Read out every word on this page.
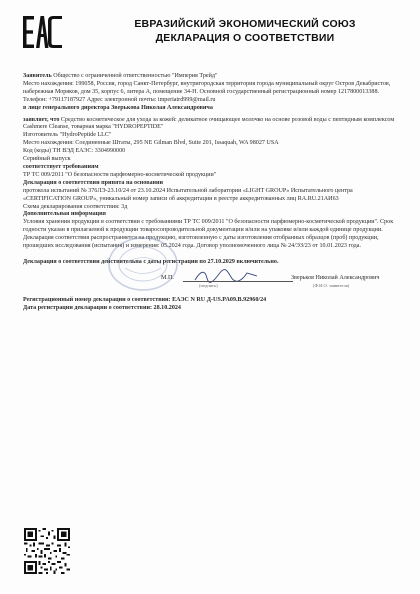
ЕВРАЗИЙСКИЙ ЭКОНОМИЧЕСКИЙ СОЮЗ
ДЕКЛАРАЦИЯ О СООТВЕТСТВИИ

Заявитель Общество с ограниченной ответственностью "Империя Трейд"

Место нахождения: 199058, Россия, город Санкт-Петербург, внутригородская территория города муниципальный округ Остров Декабристов, набережная Моряков, дом 35, корпус 6, литера А, помещение 34-Н. Основной государственный регистрационный номер 1217800013388.

Телефон: +79117187927 Адрес электронной почты: imperiatrd999@mail.ru

в лице генерального директора Зверькова Николая Александровича

заявляет, что Средство косметическое для ухода за кожей: деликатное очищающее молочко на основе розовой воды с пептидным комплексом Cashmere Cleanse, товарная марка "HYDROPEPTIDE"

Изготовитель "HydroPeptide LLC"

Место нахождения: Соединенные Штаты, 295 NE Gilman Blvd, Suite 201, Issaquah, WA 98027 USA

Код (коды) ТН ВЭД ЕАЭС: 3304990000

Серийный выпуск

соответствует требованиям

ТР ТС 009/2011 "О безопасности парфюмерно-косметической продукции"

Декларация о соответствии принята на основании

протокола испытаний № 376ЛЭ-23.10/24 от 23.10.2024 Испытательной лаборатории «LIGHT GROUP» Испытательного центра «CERTIFICATION GROUP», уникальный номер записи об аккредитации в реестре аккредитованных лиц RA.RU.21АИ63

Схема декларирования соответствия: 3д

Дополнительная информация

Условия хранения продукции в соответствии с требованиями ТР ТС 009/2011 "О безопасности парфюмерно-косметической продукции". Срок годности указан в прилагаемой к продукции товаросопроводительной документации и/или на упаковке и/или каждой единице продукции. Декларация соответствия распространяется на продукцию, изготовленную с даты изготовления отобранных образцов (проб) продукции, прошедших исследования (испытания) и измерения: 05.2024 года. Договор уполномоченного лица № 24/ЭЗ/23 от 10.01.2023 года.

Декларация о соответствии действительна с даты регистрации по 27.10.2029 включительно.

М.П.	Зверьков Николай Александрович
(подпись)	(Ф.И.О. заявителя)

Регистрационный номер декларации о соответствии: ЕАЭС N RU Д-US.PA09.В.92960/24

Дата регистрации декларации о соответствии: 28.10.2024
